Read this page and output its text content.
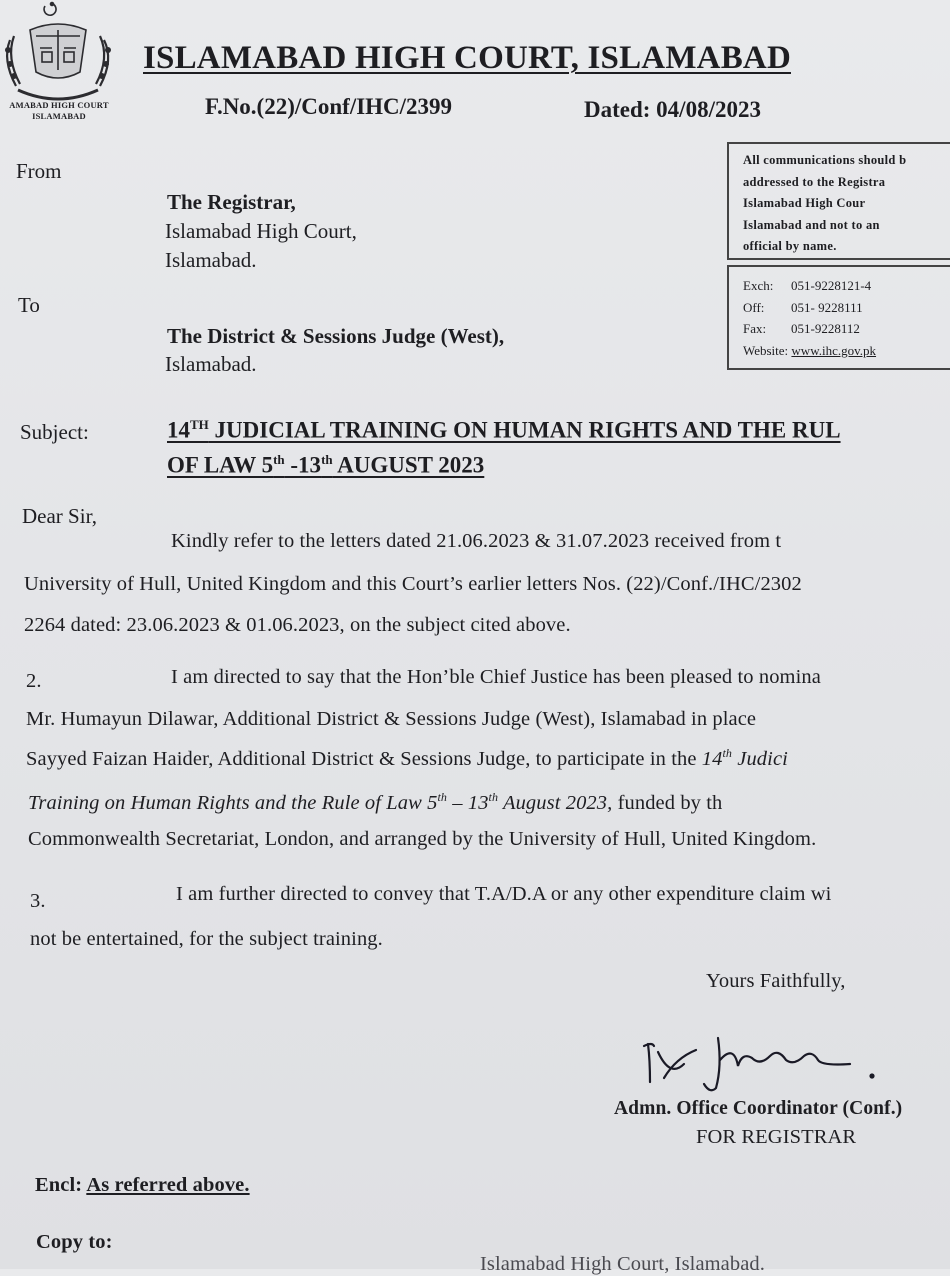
AMABAD HIGH COURT
ISLAMABAD
ISLAMABAD HIGH COURT, ISLAMABAD
F.No.(22)/Conf/IHC/2399	Dated: 04/08/2023
All communications should b
addressed to the Registra
Islamabad High Cour
Islamabad and not to an
official by name.
Exch: 051-9228121-4
Off: 051- 9228111
Fax: 051-9228112
Website: www.ihc.gov.pk
From
The Registrar,
Islamabad High Court,
Islamabad.
To
The District & Sessions Judge (West),
Islamabad.
Subject:	14TH JUDICIAL TRAINING ON HUMAN RIGHTS AND THE RUL
OF LAW 5th -13th AUGUST 2023
Dear Sir,
Kindly refer to the letters dated 21.06.2023 & 31.07.2023 received from t
University of Hull, United Kingdom and this Court’s earlier letters Nos. (22)/Conf./IHC/2302
2264 dated: 23.06.2023 & 01.06.2023, on the subject cited above.
2.	I am directed to say that the Hon’ble Chief Justice has been pleased to nomina
Mr. Humayun Dilawar, Additional District & Sessions Judge (West), Islamabad in place
Sayyed Faizan Haider, Additional District & Sessions Judge, to participate in the 14th Judici
Training on Human Rights and the Rule of Law 5th – 13th August 2023, funded by th
Commonwealth Secretariat, London, and arranged by the University of Hull, United Kingdom.
3.	I am further directed to convey that T.A/D.A or any other expenditure claim wi
not be entertained, for the subject training.
Yours Faithfully,
Admn. Office Coordinator (Conf.)
FOR REGISTRAR
Encl: As referred above.
Copy to:
Islamabad High Court, Islamabad.
